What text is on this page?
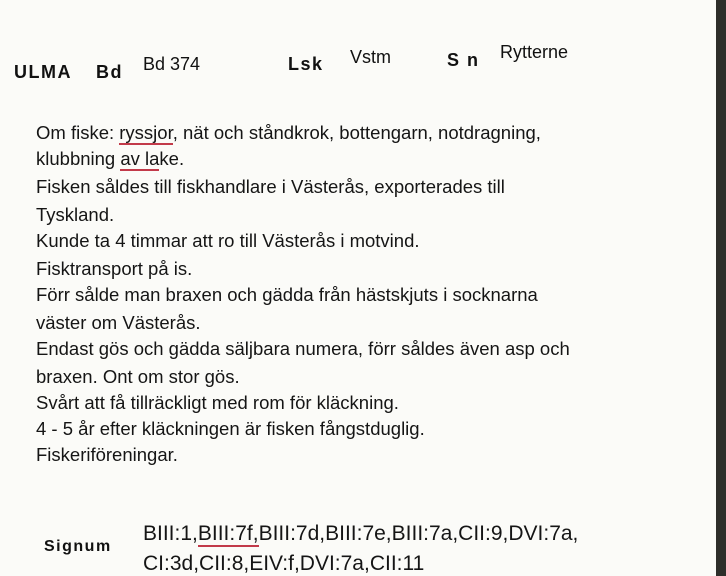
ULMA Bd Bd 374	Lsk Vstm	S n Rytterne
Om fiske: ryssjor, nät och ståndkrok, bottengarn, notdragning,
klubbning av lake.
Fisken såldes till fiskhandlare i Västerås, exporterades till
Tyskland.
Kunde ta 4 timmar att ro till Västerås i motvind.
Fisktransport på is.
Förr sålde man braxen och gädda från hästskjuts i socknarna
väster om Västerås.
Endast gös och gädda säljbara numera, förr såldes även asp och
braxen. Ont om stor gös.
Svårt att få tillräckligt med rom för kläckning.
4 - 5 år efter kläckningen är fisken fångstduglig.
Fiskeriföreningar.
Signum
BIII:1,BIII:7f,BIII:7d,BIII:7e,BIII:7a,CII:9,DVI:7a,
CI:3d,CII:8,EIV:f,DVI:7a,CII:11
